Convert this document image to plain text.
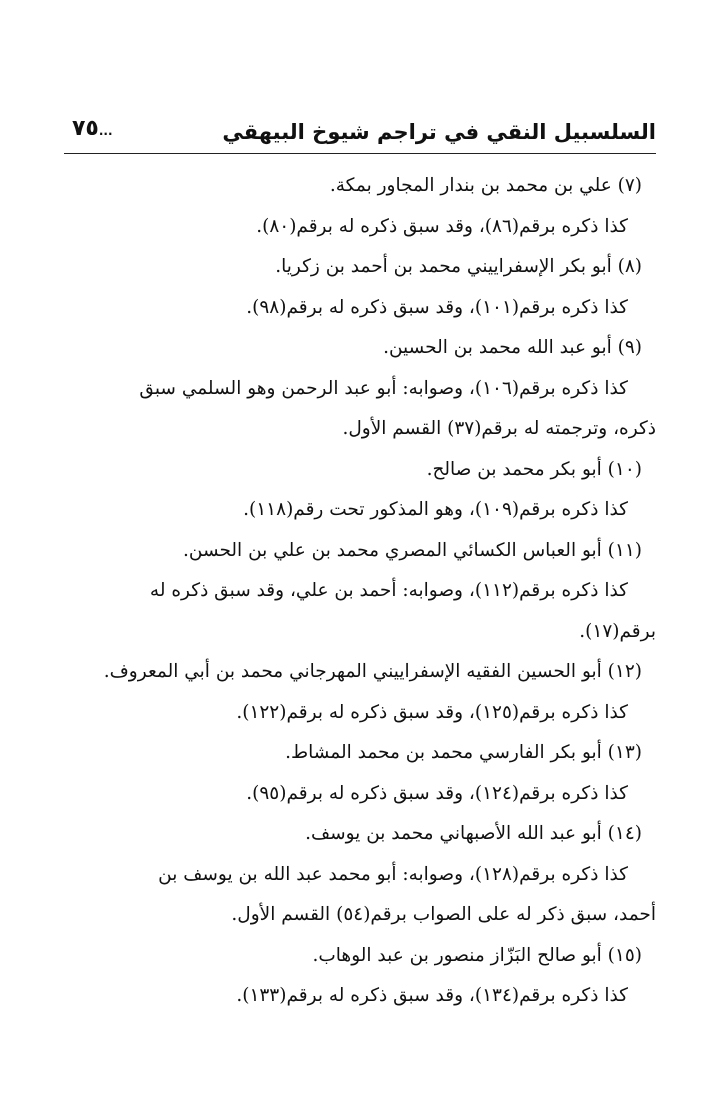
السلسبيل النقي في تراجم شيوخ البيهقي
٧٥...
(٧) علي بن محمد بن بندار المجاور بمكة.
كذا ذكره برقم(٨٦)، وقد سبق ذكره له برقم(٨٠).
(٨) أبو بكر الإسفراييني محمد بن أحمد بن زكريا.
كذا ذكره برقم(١٠١)، وقد سبق ذكره له برقم(٩٨).
(٩) أبو عبد الله محمد بن الحسين.
كذا ذكره برقم(١٠٦)، وصوابه: أبو عبد الرحمن وهو السلمي سبق
ذكره، وترجمته له برقم(٣٧) القسم الأول.
(١٠) أبو بكر محمد بن صالح.
كذا ذكره برقم(١٠٩)، وهو المذكور تحت رقم(١١٨).
(١١) أبو العباس الكسائي المصري محمد بن علي بن الحسن.
كذا ذكره برقم(١١٢)، وصوابه: أحمد بن علي، وقد سبق ذكره له
برقم(١٧).
(١٢) أبو الحسين الفقيه الإسفراييني المهرجاني محمد بن أبي المعروف.
كذا ذكره برقم(١٢٥)، وقد سبق ذكره له برقم(١٢٢).
(١٣) أبو بكر الفارسي محمد بن محمد المشاط.
كذا ذكره برقم(١٢٤)، وقد سبق ذكره له برقم(٩٥).
(١٤) أبو عبد الله الأصبهاني محمد بن يوسف.
كذا ذكره برقم(١٢٨)، وصوابه: أبو محمد عبد الله بن يوسف بن
أحمد، سبق ذكر له على الصواب برقم(٥٤) القسم الأول.
(١٥) أبو صالح البَزّاز منصور بن عبد الوهاب.
كذا ذكره برقم(١٣٤)، وقد سبق ذكره له برقم(١٣٣).
